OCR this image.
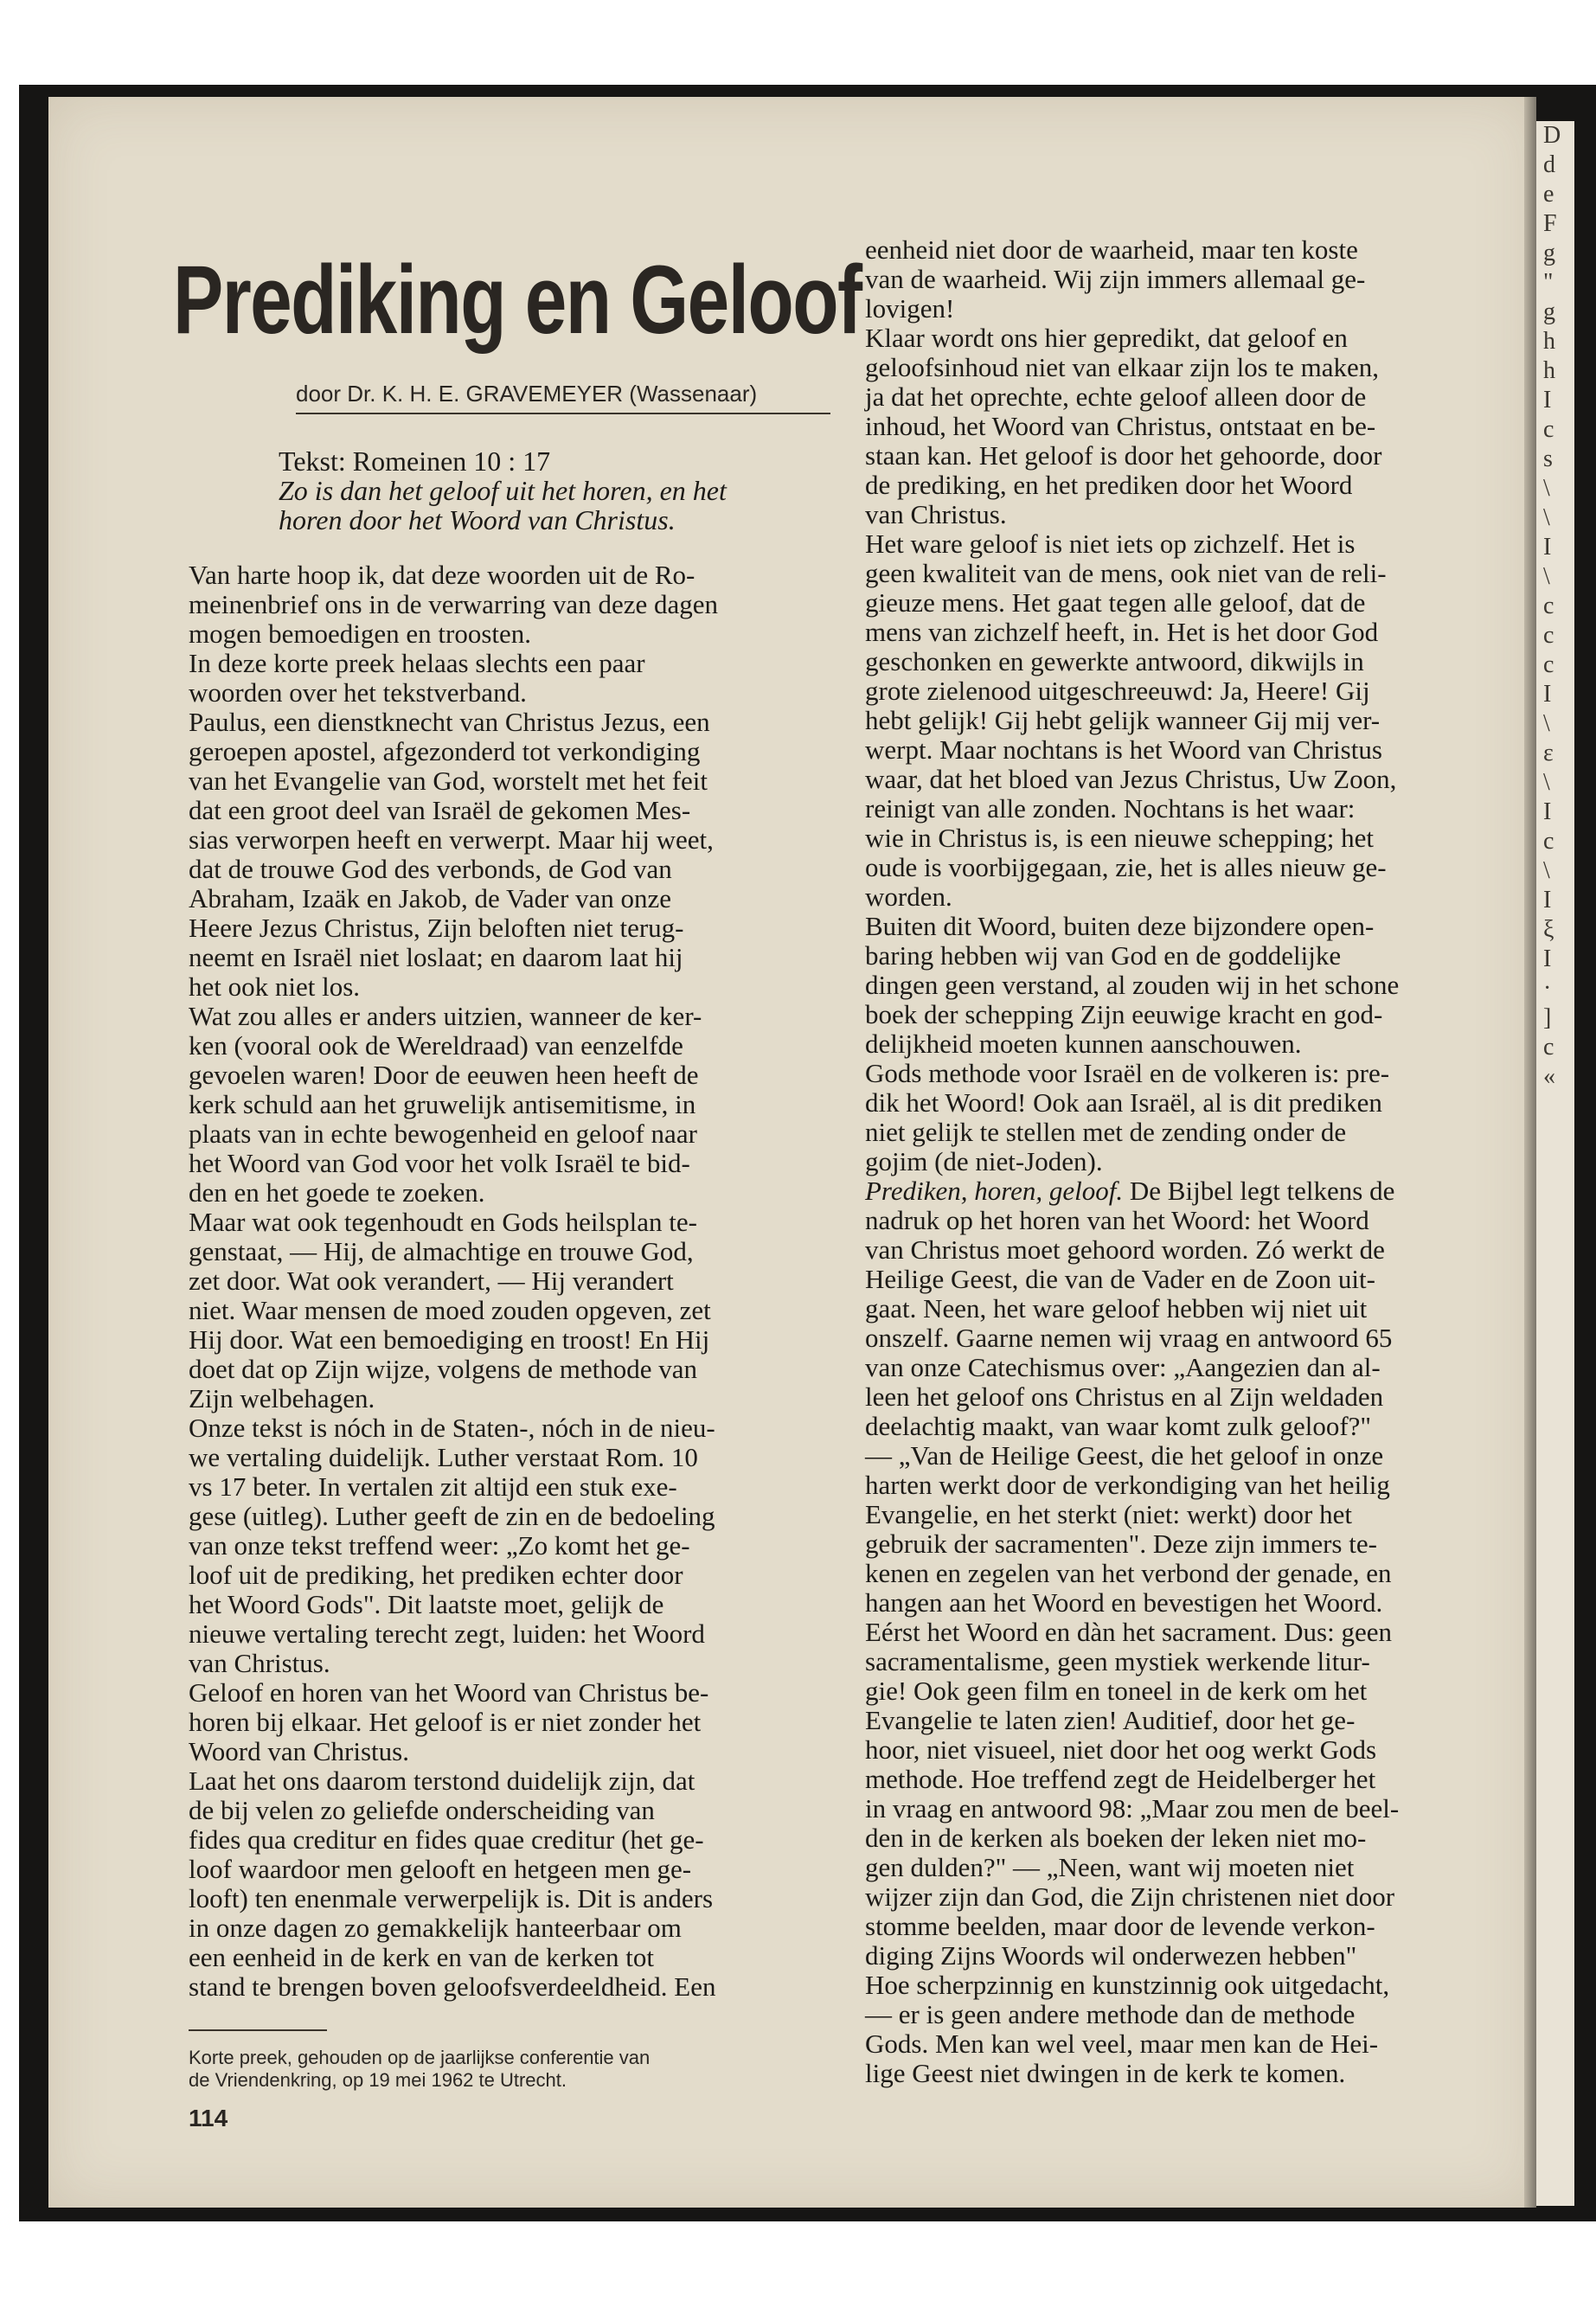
D
d
e
F
g
"
g
h
h
I
c
s
\
\
I
\
c
c
c
I
\
ε
\
I
c
\
I
ξ
I
·
]
c
«
Prediking en Geloof
door Dr. K. H. E. GRAVEMEYER (Wassenaar)
Tekst: Romeinen 10 : 17
Zo is dan het geloof uit het horen, en het
horen door het Woord van Christus.
Van harte hoop ik, dat deze woorden uit de Ro-
meinenbrief ons in de verwarring van deze dagen
mogen bemoedigen en troosten.
In deze korte preek helaas slechts een paar
woorden over het tekstverband.
Paulus, een dienstknecht van Christus Jezus, een
geroepen apostel, afgezonderd tot verkondiging
van het Evangelie van God, worstelt met het feit
dat een groot deel van Israël de gekomen Mes-
sias verworpen heeft en verwerpt. Maar hij weet,
dat de trouwe God des verbonds, de God van
Abraham, Izaäk en Jakob, de Vader van onze
Heere Jezus Christus, Zijn beloften niet terug-
neemt en Israël niet loslaat; en daarom laat hij
het ook niet los.
Wat zou alles er anders uitzien, wanneer de ker-
ken (vooral ook de Wereldraad) van eenzelfde
gevoelen waren! Door de eeuwen heen heeft de
kerk schuld aan het gruwelijk antisemitisme, in
plaats van in echte bewogenheid en geloof naar
het Woord van God voor het volk Israël te bid-
den en het goede te zoeken.
Maar wat ook tegenhoudt en Gods heilsplan te-
genstaat, — Hij, de almachtige en trouwe God,
zet door. Wat ook verandert, — Hij verandert
niet. Waar mensen de moed zouden opgeven, zet
Hij door. Wat een bemoediging en troost! En Hij
doet dat op Zijn wijze, volgens de methode van
Zijn welbehagen.
Onze tekst is nóch in de Staten-, nóch in de nieu-
we vertaling duidelijk. Luther verstaat Rom. 10
vs 17 beter. In vertalen zit altijd een stuk exe-
gese (uitleg). Luther geeft de zin en de bedoeling
van onze tekst treffend weer: „Zo komt het ge-
loof uit de prediking, het prediken echter door
het Woord Gods". Dit laatste moet, gelijk de
nieuwe vertaling terecht zegt, luiden: het Woord
van Christus.
Geloof en horen van het Woord van Christus be-
horen bij elkaar. Het geloof is er niet zonder het
Woord van Christus.
Laat het ons daarom terstond duidelijk zijn, dat
de bij velen zo geliefde onderscheiding van
fides qua creditur en fides quae creditur (het ge-
loof waardoor men gelooft en hetgeen men ge-
looft) ten enenmale verwerpelijk is. Dit is anders
in onze dagen zo gemakkelijk hanteerbaar om
een eenheid in de kerk en van de kerken tot
stand te brengen boven geloofsverdeeldheid. Een
eenheid niet door de waarheid, maar ten koste
van de waarheid. Wij zijn immers allemaal ge-
lovigen!
Klaar wordt ons hier gepredikt, dat geloof en
geloofsinhoud niet van elkaar zijn los te maken,
ja dat het oprechte, echte geloof alleen door de
inhoud, het Woord van Christus, ontstaat en be-
staan kan. Het geloof is door het gehoorde, door
de prediking, en het prediken door het Woord
van Christus.
Het ware geloof is niet iets op zichzelf. Het is
geen kwaliteit van de mens, ook niet van de reli-
gieuze mens. Het gaat tegen alle geloof, dat de
mens van zichzelf heeft, in. Het is het door God
geschonken en gewerkte antwoord, dikwijls in
grote zielenood uitgeschreeuwd: Ja, Heere! Gij
hebt gelijk! Gij hebt gelijk wanneer Gij mij ver-
werpt. Maar nochtans is het Woord van Christus
waar, dat het bloed van Jezus Christus, Uw Zoon,
reinigt van alle zonden. Nochtans is het waar:
wie in Christus is, is een nieuwe schepping; het
oude is voorbijgegaan, zie, het is alles nieuw ge-
worden.
Buiten dit Woord, buiten deze bijzondere open-
baring hebben wij van God en de goddelijke
dingen geen verstand, al zouden wij in het schone
boek der schepping Zijn eeuwige kracht en god-
delijkheid moeten kunnen aanschouwen.
Gods methode voor Israël en de volkeren is: pre-
dik het Woord! Ook aan Israël, al is dit prediken
niet gelijk te stellen met de zending onder de
gojim (de niet-Joden).
Prediken, horen, geloof. De Bijbel legt telkens de
nadruk op het horen van het Woord: het Woord
van Christus moet gehoord worden. Zó werkt de
Heilige Geest, die van de Vader en de Zoon uit-
gaat. Neen, het ware geloof hebben wij niet uit
onszelf. Gaarne nemen wij vraag en antwoord 65
van onze Catechismus over: „Aangezien dan al-
leen het geloof ons Christus en al Zijn weldaden
deelachtig maakt, van waar komt zulk geloof?"
— „Van de Heilige Geest, die het geloof in onze
harten werkt door de verkondiging van het heilig
Evangelie, en het sterkt (niet: werkt) door het
gebruik der sacramenten". Deze zijn immers te-
kenen en zegelen van het verbond der genade, en
hangen aan het Woord en bevestigen het Woord.
Eérst het Woord en dàn het sacrament. Dus: geen
sacramentalisme, geen mystiek werkende litur-
gie! Ook geen film en toneel in de kerk om het
Evangelie te laten zien! Auditief, door het ge-
hoor, niet visueel, niet door het oog werkt Gods
methode. Hoe treffend zegt de Heidelberger het
in vraag en antwoord 98: „Maar zou men de beel-
den in de kerken als boeken der leken niet mo-
gen dulden?" — „Neen, want wij moeten niet
wijzer zijn dan God, die Zijn christenen niet door
stomme beelden, maar door de levende verkon-
diging Zijns Woords wil onderwezen hebben"
Hoe scherpzinnig en kunstzinnig ook uitgedacht,
— er is geen andere methode dan de methode
Gods. Men kan wel veel, maar men kan de Hei-
lige Geest niet dwingen in de kerk te komen.
Korte preek, gehouden op de jaarlijkse conferentie van
de Vriendenkring, op 19 mei 1962 te Utrecht.
114
